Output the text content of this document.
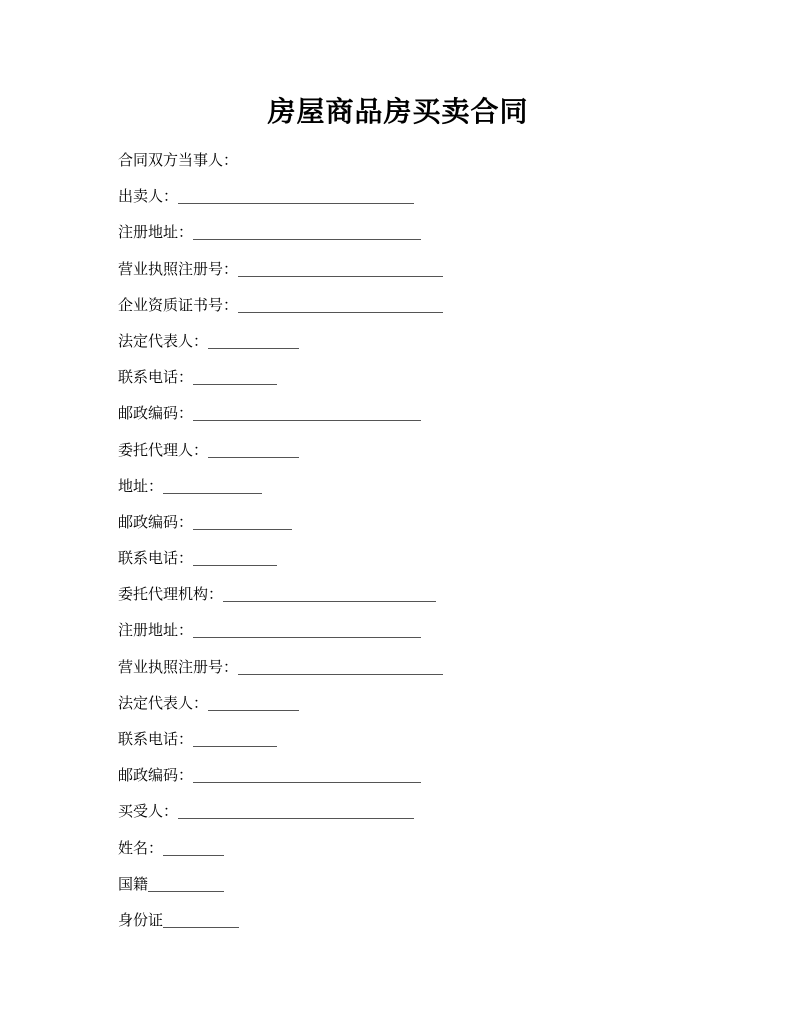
房屋商品房买卖合同
合同双方当事人：
出卖人：
注册地址：
营业执照注册号：
企业资质证书号：
法定代表人：
联系电话：
邮政编码：
委托代理人：
地址：
邮政编码：
联系电话：
委托代理机构：
注册地址：
营业执照注册号：
法定代表人：
联系电话：
邮政编码：
买受人：
姓名：
国籍
身份证
